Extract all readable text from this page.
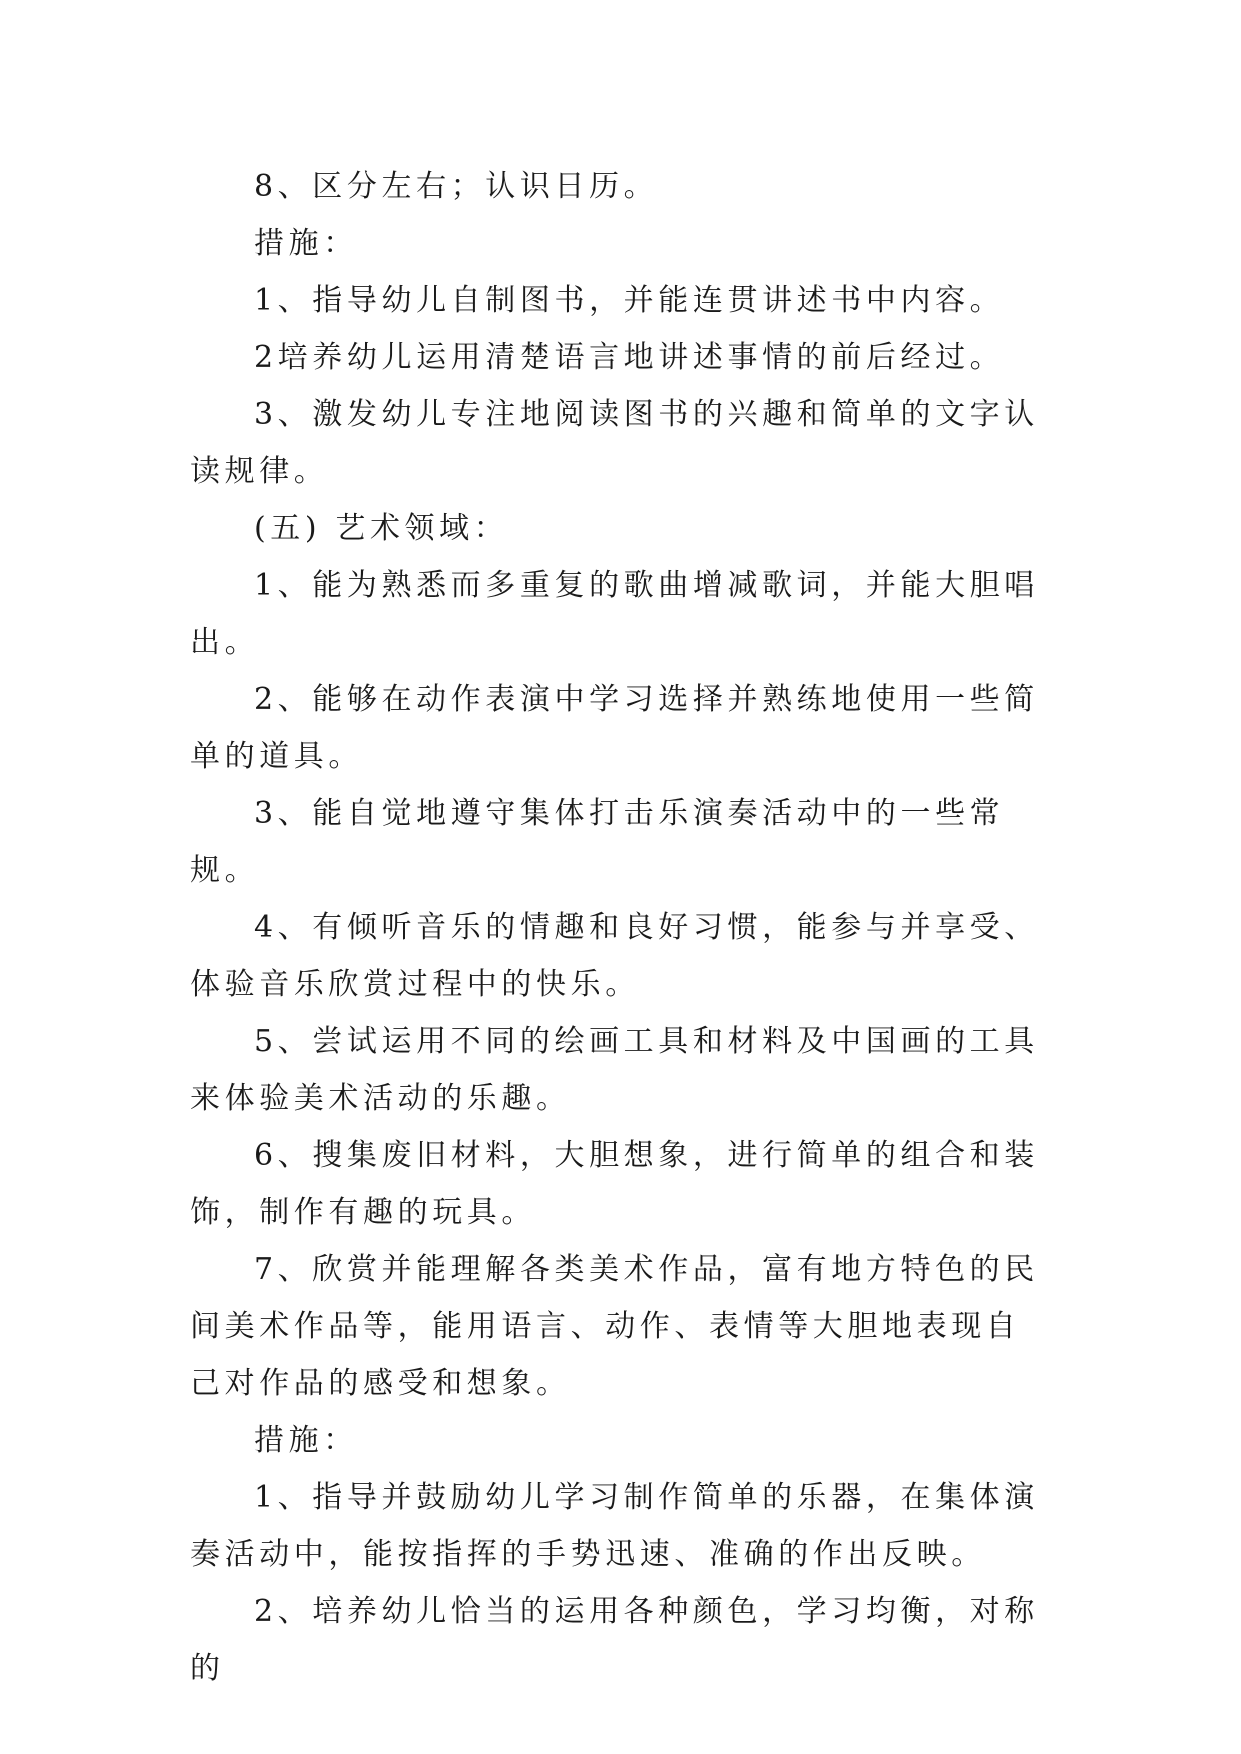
8、区分左右；认识日历。

措施：

1、指导幼儿自制图书，并能连贯讲述书中内容。

2培养幼儿运用清楚语言地讲述事情的前后经过。

3、激发幼儿专注地阅读图书的兴趣和简单的文字认读规律。

(五) 艺术领域：

1、能为熟悉而多重复的歌曲增减歌词，并能大胆唱出。

2、能够在动作表演中学习选择并熟练地使用一些简单的道具。

3、能自觉地遵守集体打击乐演奏活动中的一些常规。

4、有倾听音乐的情趣和良好习惯，能参与并享受、体验音乐欣赏过程中的快乐。

5、尝试运用不同的绘画工具和材料及中国画的工具来体验美术活动的乐趣。

6、搜集废旧材料，大胆想象，进行简单的组合和装饰，制作有趣的玩具。

7、欣赏并能理解各类美术作品，富有地方特色的民间美术作品等，能用语言、动作、表情等大胆地表现自己对作品的感受和想象。

措施：

1、指导并鼓励幼儿学习制作简单的乐器，在集体演奏活动中，能按指挥的手势迅速、准确的作出反映。

2、培养幼儿恰当的运用各种颜色，学习均衡，对称的
